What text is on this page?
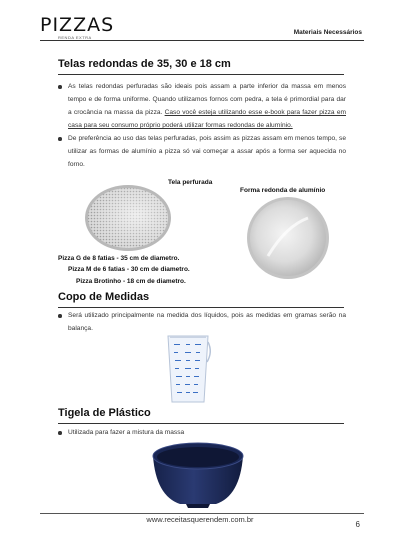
PIZZAS
RENDA EXTRA
Materiais Necessários
Telas redondas de 35, 30 e 18 cm
As telas redondas perfuradas são ideais pois assam a parte inferior da massa em menos tempo e de forma uniforme. Quando utilizamos fornos com pedra, a tela é primordial para dar a crocância na massa da pizza. Caso você esteja utilizando esse e-book para fazer pizza em casa para seu consumo próprio poderá utilizar formas redondas de alumínio.
De preferência ao uso das telas perfuradas, pois assim as pizzas assam em menos tempo, se utilizar as formas de alumínio a pizza só vai começar a assar após a forma ser aquecida no forno.
Tela perfurada
Forma redonda de alumínio
Pizza G de 8 fatias - 35 cm de diametro.
Pizza M de 6 fatias - 30 cm de diametro.
Pizza Brotinho - 18 cm de diametro.
Copo de Medidas
Será utilizado principalmente na medida dos líquidos, pois as medidas em gramas serão na balança.
Tigela de Plástico
Utilizada para fazer a mistura da massa
www.receitasquerendem.com.br
6
